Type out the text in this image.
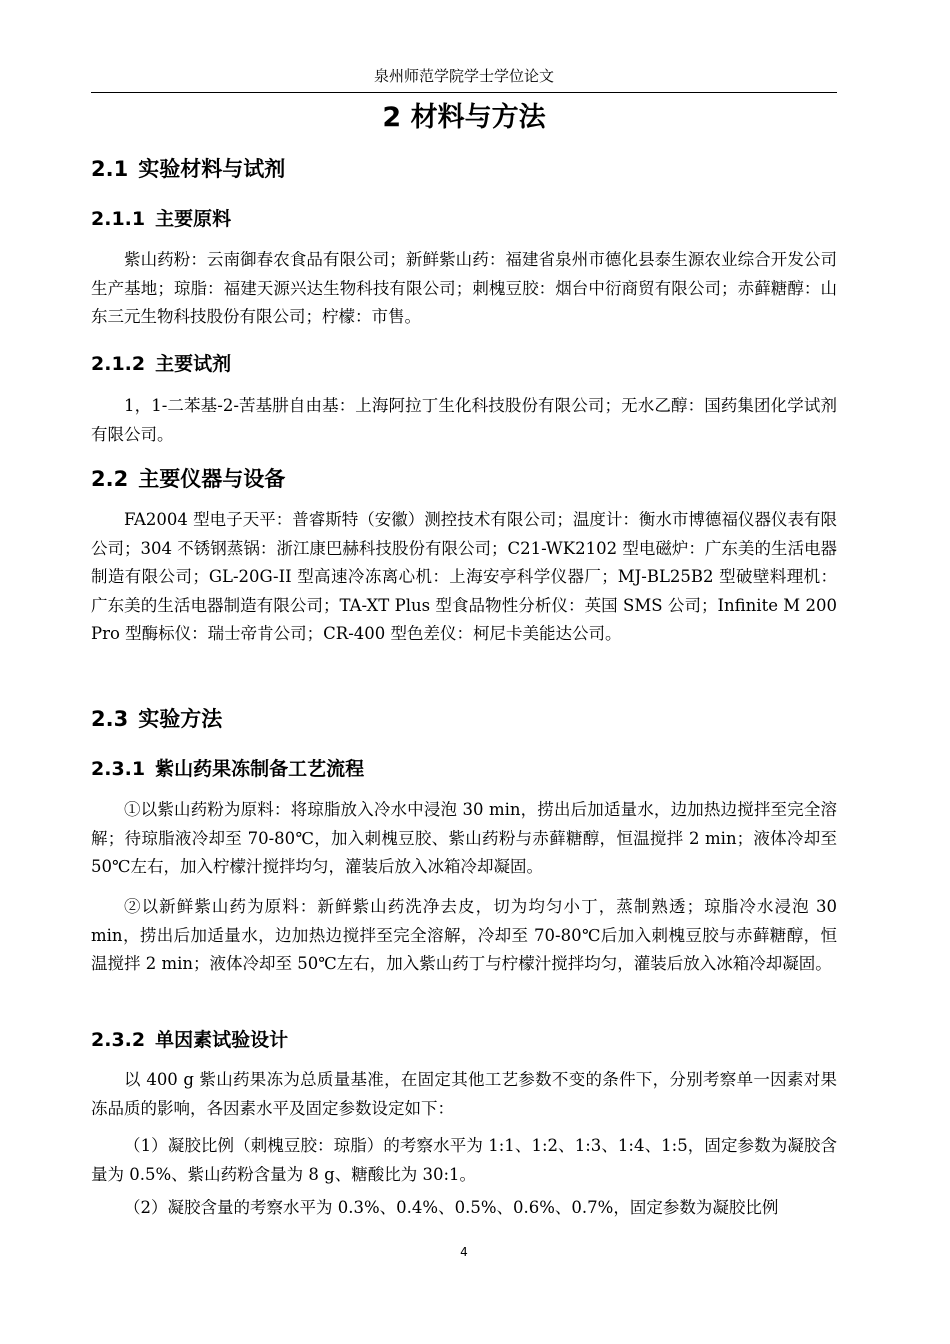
泉州师范学院学士学位论文
2 材料与方法
2.1 实验材料与试剂
2.1.1 主要原料

紫山药粉：云南御春农食品有限公司；新鲜紫山药：福建省泉州市德化县泰生源农业综合开发公司生产基地；琼脂：福建天源兴达生物科技有限公司；刺槐豆胶：烟台中衍商贸有限公司；赤藓糖醇：山东三元生物科技股份有限公司；柠檬：市售。

2.1.2 主要试剂

1，1-二苯基-2-苦基肼自由基：上海阿拉丁生化科技股份有限公司；无水乙醇：国药集团化学试剂有限公司。

2.2 主要仪器与设备

FA2004 型电子天平：普睿斯特（安徽）测控技术有限公司；温度计：衡水市博德福仪器仪表有限公司；304 不锈钢蒸锅：浙江康巴赫科技股份有限公司；C21-WK2102 型电磁炉：广东美的生活电器制造有限公司；GL-20G-II 型高速冷冻离心机：上海安亭科学仪器厂；MJ-BL25B2 型破壁料理机：广东美的生活电器制造有限公司；TA-XT Plus 型食品物性分析仪：英国 SMS 公司；Infinite M 200 Pro 型酶标仪：瑞士帝肯公司；CR-400 型色差仪：柯尼卡美能达公司。

2.3 实验方法
2.3.1 紫山药果冻制备工艺流程

①以紫山药粉为原料：将琼脂放入冷水中浸泡 30 min，捞出后加适量水，边加热边搅拌至完全溶解；待琼脂液冷却至 70-80℃，加入刺槐豆胶、紫山药粉与赤藓糖醇，恒温搅拌 2 min；液体冷却至 50℃左右，加入柠檬汁搅拌均匀，灌装后放入冰箱冷却凝固。

②以新鲜紫山药为原料：新鲜紫山药洗净去皮，切为均匀小丁，蒸制熟透；琼脂冷水浸泡 30 min，捞出后加适量水，边加热边搅拌至完全溶解，冷却至 70-80℃后加入刺槐豆胶与赤藓糖醇，恒温搅拌 2 min；液体冷却至 50℃左右，加入紫山药丁与柠檬汁搅拌均匀，灌装后放入冰箱冷却凝固。

2.3.2 单因素试验设计

以 400 g 紫山药果冻为总质量基准，在固定其他工艺参数不变的条件下，分别考察单一因素对果冻品质的影响，各因素水平及固定参数设定如下：

（1）凝胶比例（刺槐豆胶：琼脂）的考察水平为 1:1、1:2、1:3、1:4、1:5，固定参数为凝胶含量为 0.5%、紫山药粉含量为 8 g、糖酸比为 30:1。

（2）凝胶含量的考察水平为 0.3%、0.4%、0.5%、0.6%、0.7%，固定参数为凝胶比例

4
